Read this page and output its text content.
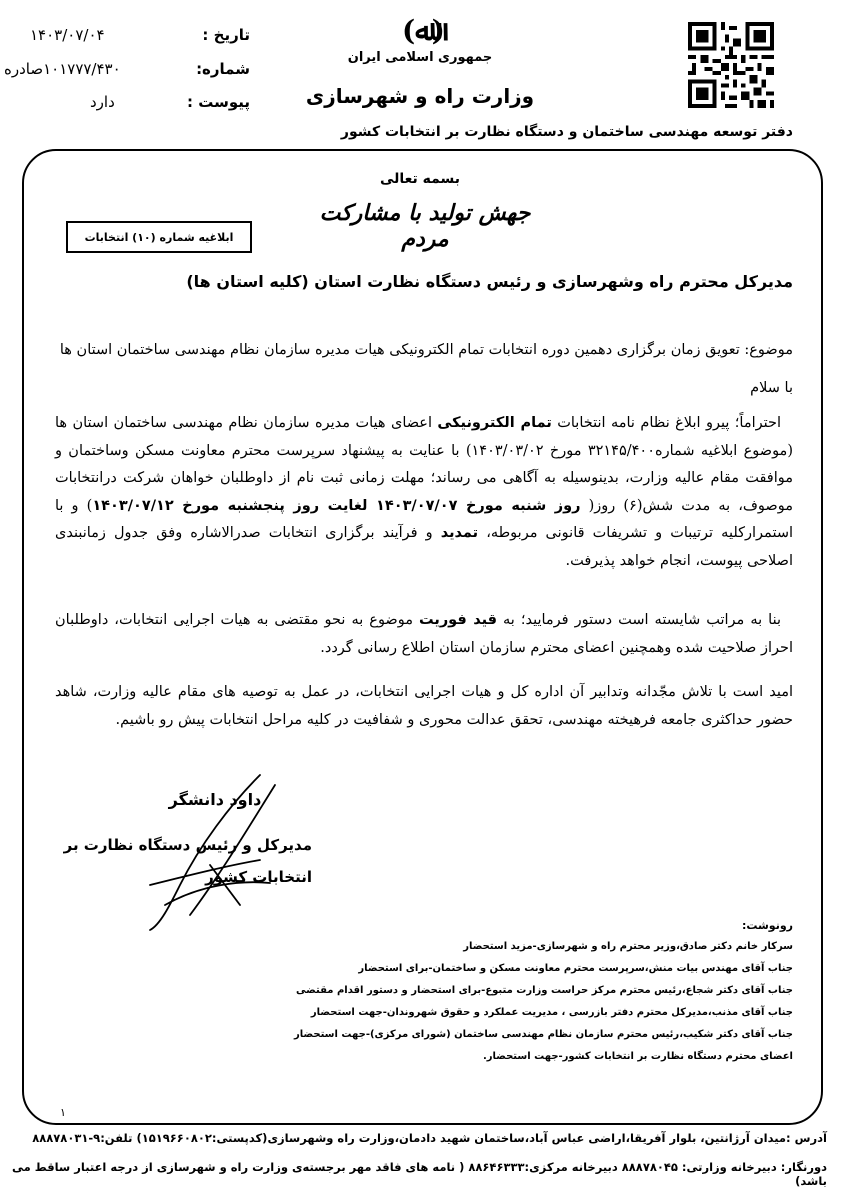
تاریخ :
۱۴۰۳/۰۷/۰۴
شماره:
۱۰۱۷۷۷/۴۳۰صادره
پیوست :
دارد
(ﷲ)
جمهوری اسلامی ایران
وزارت راه و شهرسازی
دفتر توسعه مهندسی ساختمان و دستگاه نظارت بر انتخابات کشور
بسمه تعالی
جهش تولید با مشارکت مردم
ابلاغیه شماره (۱۰) انتخابات
مدیرکل محترم راه وشهرسازی و رئیس دستگاه نظارت استان (کلیه استان ها)
موضوع: تعویق زمان برگزاری دهمین دوره انتخابات تمام الکترونیکی هیات مدیره سازمان نظام مهندسی ساختمان استان ها
با سلام
احتراماً؛ پیرو ابلاغ نظام نامه انتخابات تمام الکترونیکی اعضای هیات مدیره سازمان نظام مهندسی ساختمان استان ها (موضوع ابلاغیه شماره۳۲۱۴۵/۴۰۰ مورخ ۱۴۰۳/۰۳/۰۲) با عنایت به پیشنهاد سرپرست محترم معاونت مسکن وساختمان و موافقت مقام عالیه وزارت، بدینوسیله به آگاهی می رساند؛ مهلت زمانی ثبت نام از داوطلبان خواهان شرکت درانتخابات موصوف، به مدت شش(۶) روز( روز شنبه مورخ ۱۴۰۳/۰۷/۰۷ لغایت روز پنجشنبه مورخ ۱۴۰۳/۰۷/۱۲) و با استمرارکلیه ترتیبات و تشریفات قانونی مربوطه، تمدید و فرآیند برگزاری انتخابات صدرالاشاره وفق جدول زمانبندی اصلاحی پیوست، انجام خواهد پذیرفت.
بنا به مراتب شایسته است دستور فرمایید؛ به قید فوریت موضوع به نحو مقتضی به هیات اجرایی انتخابات، داوطلبان احراز صلاحیت شده وهمچنین اعضای محترم سازمان استان اطلاع رسانی گردد.
امید است با تلاش مجّدانه وتدابیر آن اداره کل و هیات اجرایی انتخابات، در عمل به توصیه های مقام عالیه وزارت، شاهد حضور حداکثری جامعه فرهیخته مهندسی، تحقق عدالت محوری و شفافیت در کلیه مراحل انتخابات پیش رو باشیم.
داود دانشگر
مدیرکل و رئیس دستگاه نظارت بر
انتخابات کشور
رونوشت:
سرکار خانم دکتر صادق،وزیر محترم راه و شهرسازی-مزید استحضار
جناب آقای مهندس بیات منش،سرپرست محترم معاونت مسکن و ساختمان-برای استحضار
جناب آقای دکتر شجاع،رئیس محترم مرکز حراست وزارت متبوع-برای استحضار و دستور اقدام مقتضی
جناب آقای مذنب،مدیرکل محترم دفتر بازرسی ، مدیریت عملکرد و حقوق شهروندان-جهت استحضار
جناب آقای دکتر شکیب،رئیس محترم سازمان نظام مهندسی ساختمان (شورای مرکزی)-جهت استحضار
اعضای محترم دستگاه نظارت بر انتخابات کشور-جهت استحضار.
۱
آدرس :میدان آرژانتین، بلوار آفریقا،اراضی عباس آباد،ساختمان شهید دادمان،وزارت راه وشهرسازی(کدپستی:۱۵۱۹۶۶۰۸۰۲) تلفن:۹-۸۸۸۷۸۰۳۱
دورنگار: دبیرخانه وزارتی: ۸۸۸۷۸۰۴۵ دبیرخانه مرکزی:۸۸۶۴۶۳۳۳ ( نامه های فاقد مهر برجسته‌ی وزارت راه و شهرسازی از درجه اعتبار ساقط می باشد)
